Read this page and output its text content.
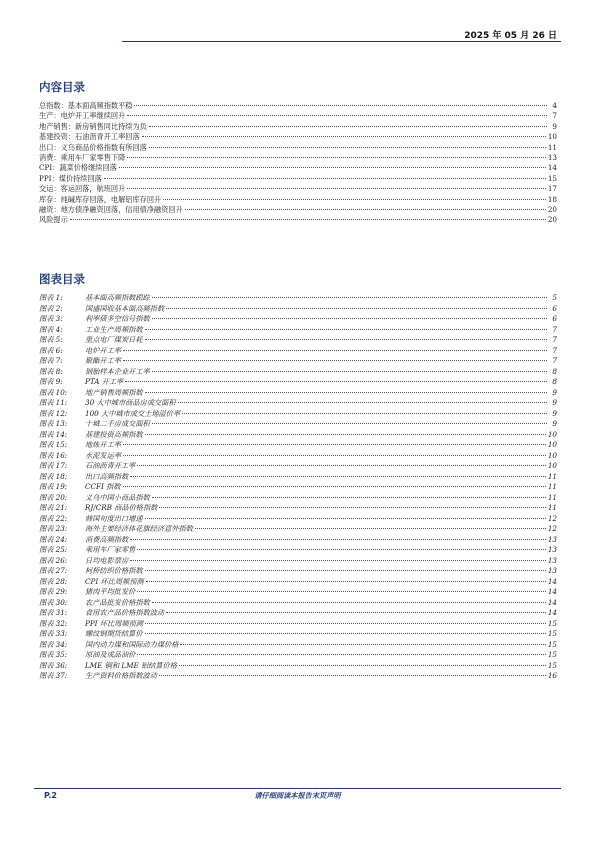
2025 年 05 月 26 日
内容目录
总指数：基本面高频指数平稳	4
生产：电炉开工率继续回升	7
地产销售：新房销售同比持续为负	9
基建投资：石油沥青开工率回落	10
出口：义乌商品价格指数有所回落	11
消费：乘用车厂家零售下降	13
CPI：蔬菜价格继续回落	14
PPI：煤价持续回落	15
交运：客运回落，航班回升	17
库存：纯碱库存回落，电解铝库存回升	18
融资：地方债净融资回落，信用债净融资回升	20
风险提示	20
图表目录
图表 1:	基本面高频指数跟踪	5
图表 2:	国盛国收基本面高频指数	6
图表 3:	利率债多空信号指数	6
图表 4:	工业生产周频指数	7
图表 5:	重点电厂煤炭日耗	7
图表 6:	电炉开工率	7
图表 7:	聚酯开工率	7
图表 8:	钢胎样本企业开工率	8
图表 9:	PTA 开工率	8
图表 10: 地产销售周频指数	9
图表 11: 30 大中城市商品房成交面积	9
图表 12: 100 大中城市成交土地溢价率	9
图表 13: 十城二手房成交面积	9
图表 14: 基建投资高频指数	10
图表 15: 地炼开工率	10
图表 16: 水泥发运率	10
图表 17: 石油沥青开工率	10
图表 18: 出口高频指数	11
图表 19: CCFI 指数	11
图表 20: 义乌中国小商品指数	11
图表 21: RJ/CRB 商品价格指数	11
图表 22: 韩国旬度出口增速	12
图表 23: 海外主要经济体花旗经济意外指数	12
图表 24: 消费高频指数	13
图表 25: 乘用车厂家零售	13
图表 26: 日均电影票房	13
图表 27: 柯桥纺织价格指数	13
图表 28: CPI 环比周频预测	14
图表 29: 猪肉平均批发价	14
图表 30: 农产品批发价格指数	14
图表 31: 食用农产品价格指数波动	14
图表 32: PPI 环比周频预测	15
图表 33: 螺纹钢期货结算价	15
图表 34: 国内动力煤和国际动力煤价格	15
图表 35: 原油及成品油价	15
图表 36: LME 铜和 LME 铝结算价格	15
图表 37: 生产资料价格指数波动	16
P.2	请仔细阅读本报告末页声明
